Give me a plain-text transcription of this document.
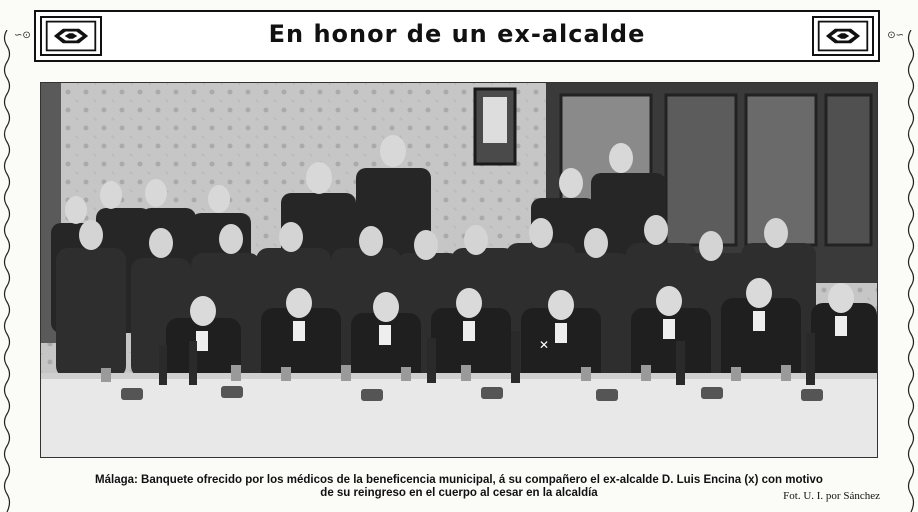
∽⊙	⊙∽
En honor de un ex-alcalde
✕
Málaga: Banquete ofrecido por los médicos de la beneficencia municipal, á su compañero el ex-alcalde D. Luis Encina (x) con motivo
de su reingreso en el cuerpo al cesar en la alcaldía	Fot. U. I. por Sánchez
